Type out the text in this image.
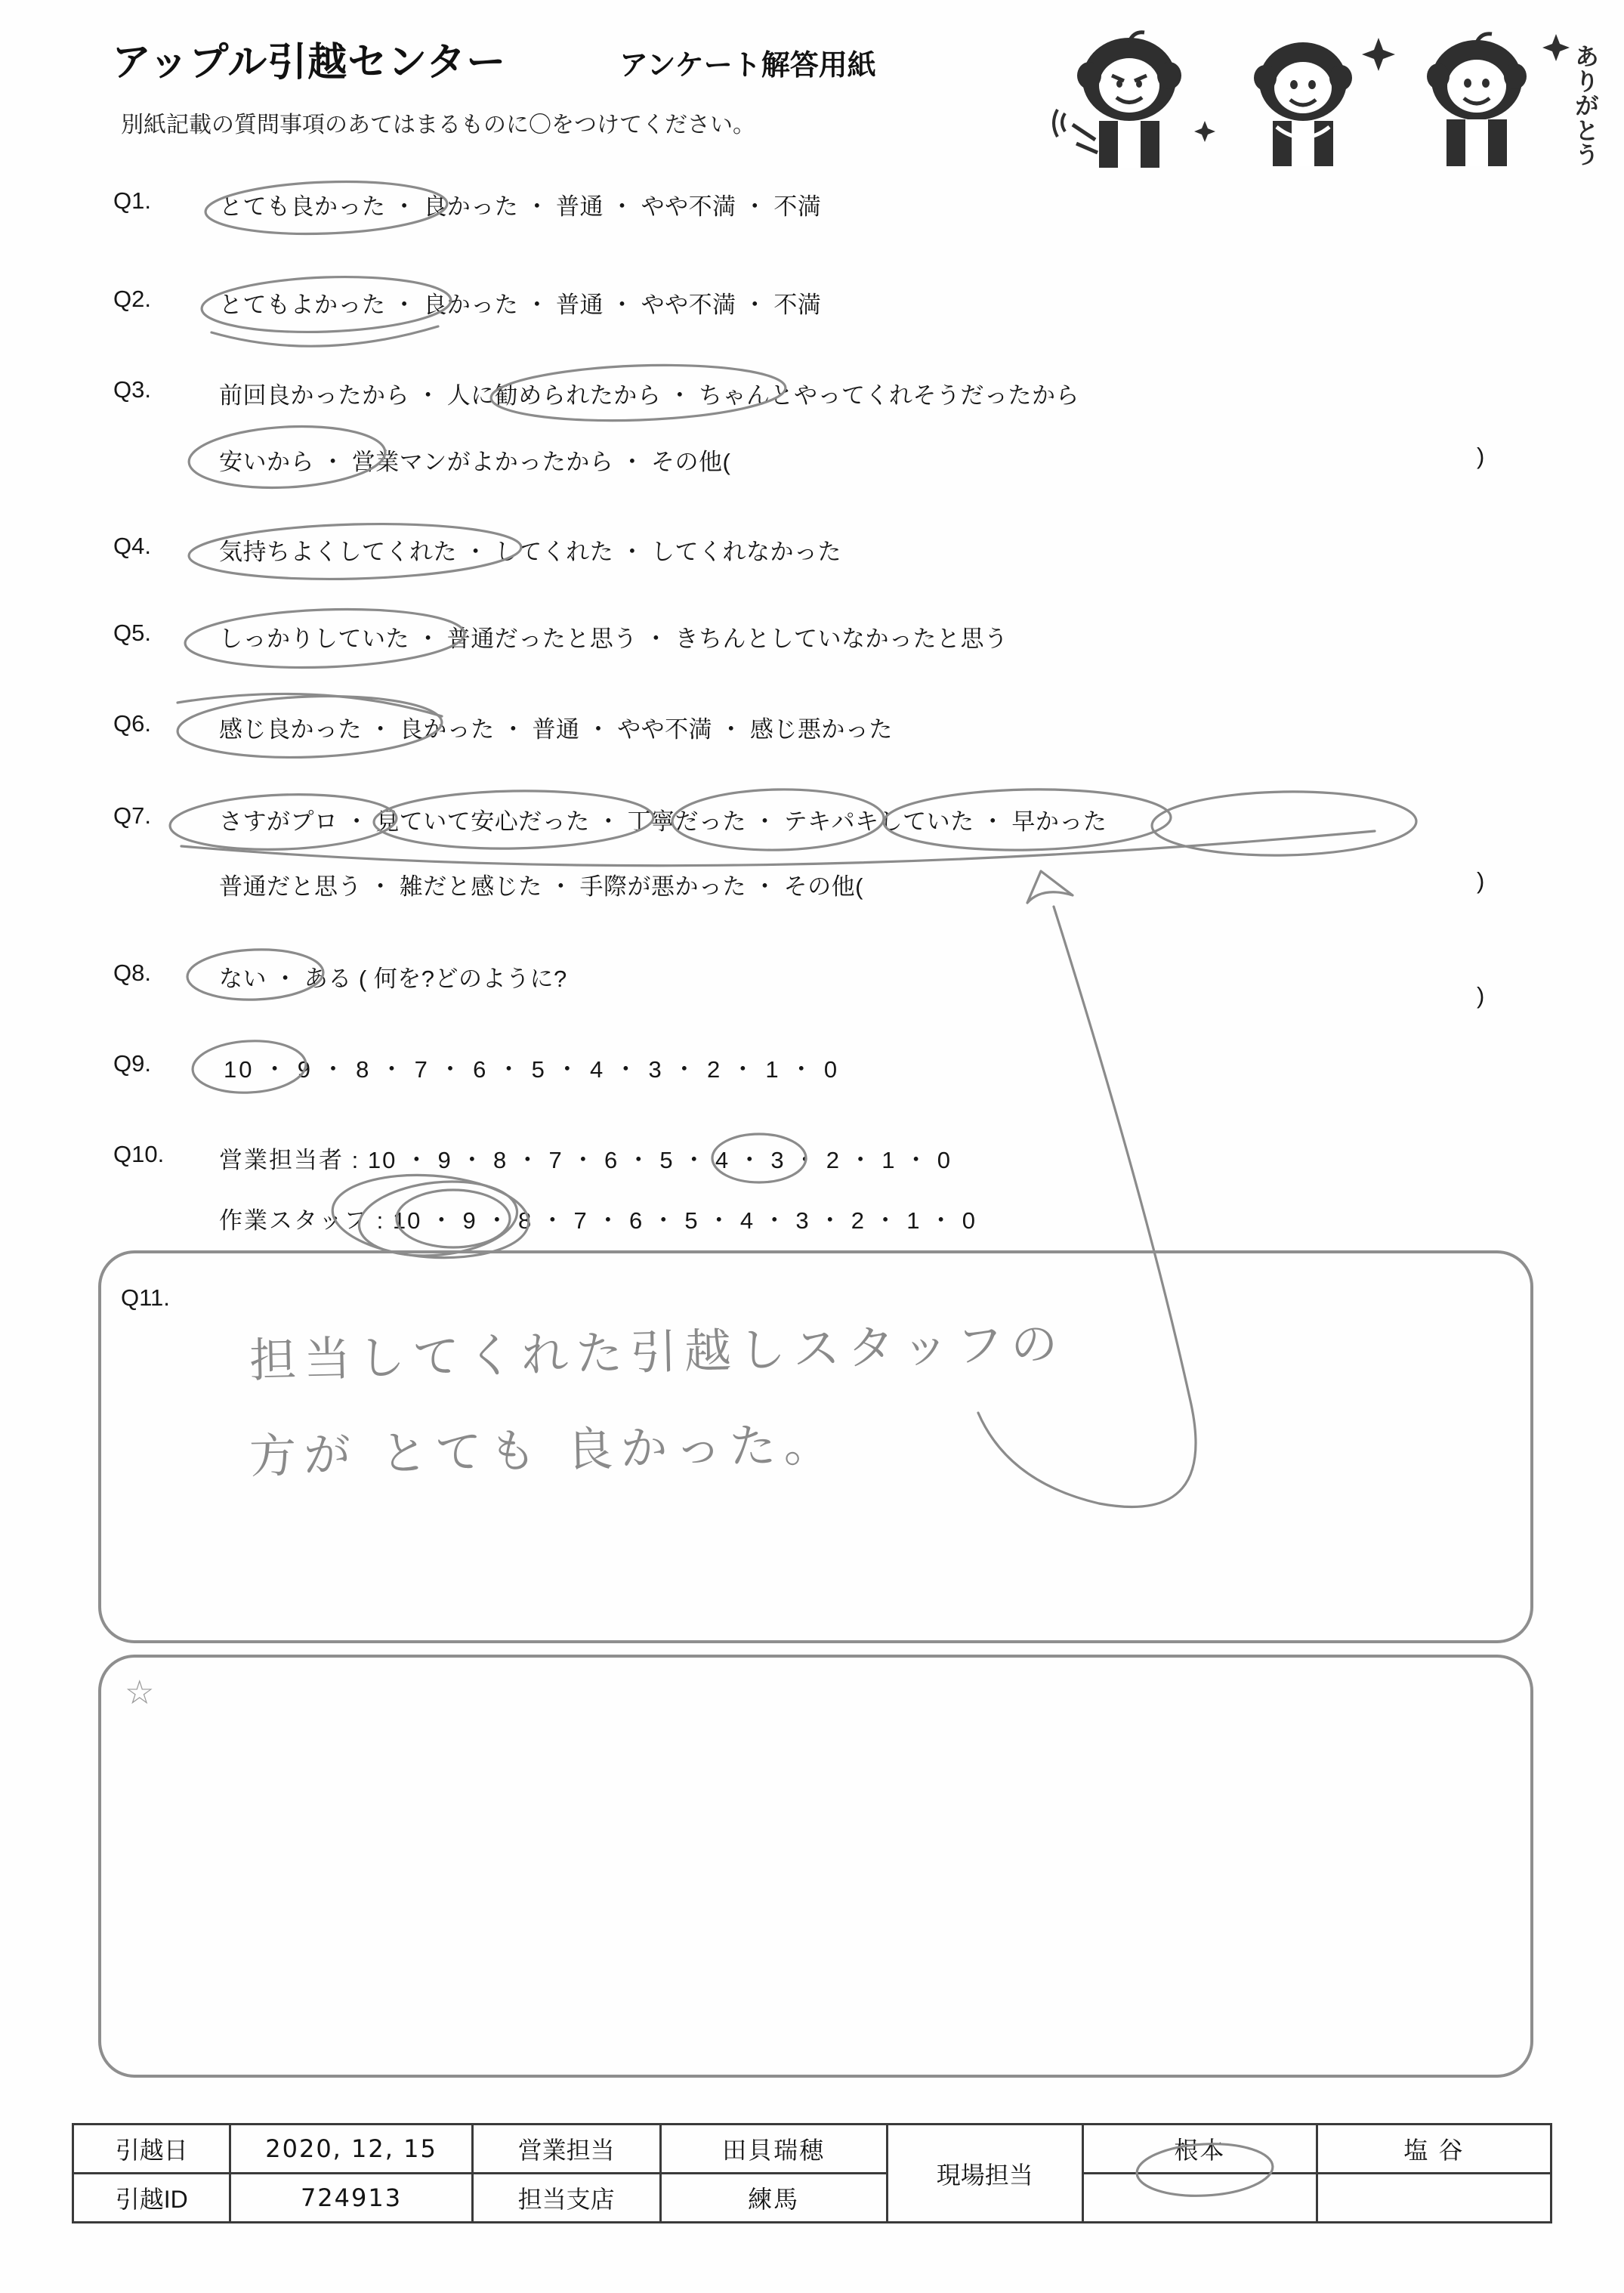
アップル引越センター	アンケート解答用紙
別紙記載の質問事項のあてはまるものに〇をつけてください。
ありがとう
Q1.	とても良かった ・ 良かった ・ 普通 ・ やや不満 ・ 不満
Q2.	とてもよかった ・ 良かった ・ 普通 ・ やや不満 ・ 不満
Q3.	前回良かったから ・ 人に勧められたから ・ ちゃんとやってくれそうだったから
安いから ・ 営業マンがよかったから ・ その他(	)
Q4.	気持ちよくしてくれた ・ してくれた ・ してくれなかった
Q5.	しっかりしていた ・ 普通だったと思う ・ きちんとしていなかったと思う
Q6.	感じ良かった ・ 良かった ・ 普通 ・ やや不満 ・ 感じ悪かった
Q7.	さすがプロ ・ 見ていて安心だった ・ 丁寧だった ・ テキパキしていた ・ 早かった
普通だと思う ・ 雑だと感じた ・ 手際が悪かった ・ その他(	)
Q8.	ない ・ ある ( 何を?どのように?
)
Q9.	10 ・ 9 ・ 8 ・ 7 ・ 6 ・ 5 ・ 4 ・ 3 ・ 2 ・ 1 ・ 0
Q10. 営業担当者 : 10 ・ 9 ・ 8 ・ 7 ・ 6 ・ 5 ・ 4 ・ 3 ・ 2 ・ 1 ・ 0
作業スタッフ : 10 ・ 9 ・ 8 ・ 7 ・ 6 ・ 5 ・ 4 ・ 3 ・ 2 ・ 1 ・ 0
Q11.
担当してくれた引越しスタッフの
方が とても 良かった。
☆
引越日	2020, 12, 15	営業担当	田貝瑞穂	現場担当	根本	塩 谷
引越ID	724913	担当支店	練馬			
